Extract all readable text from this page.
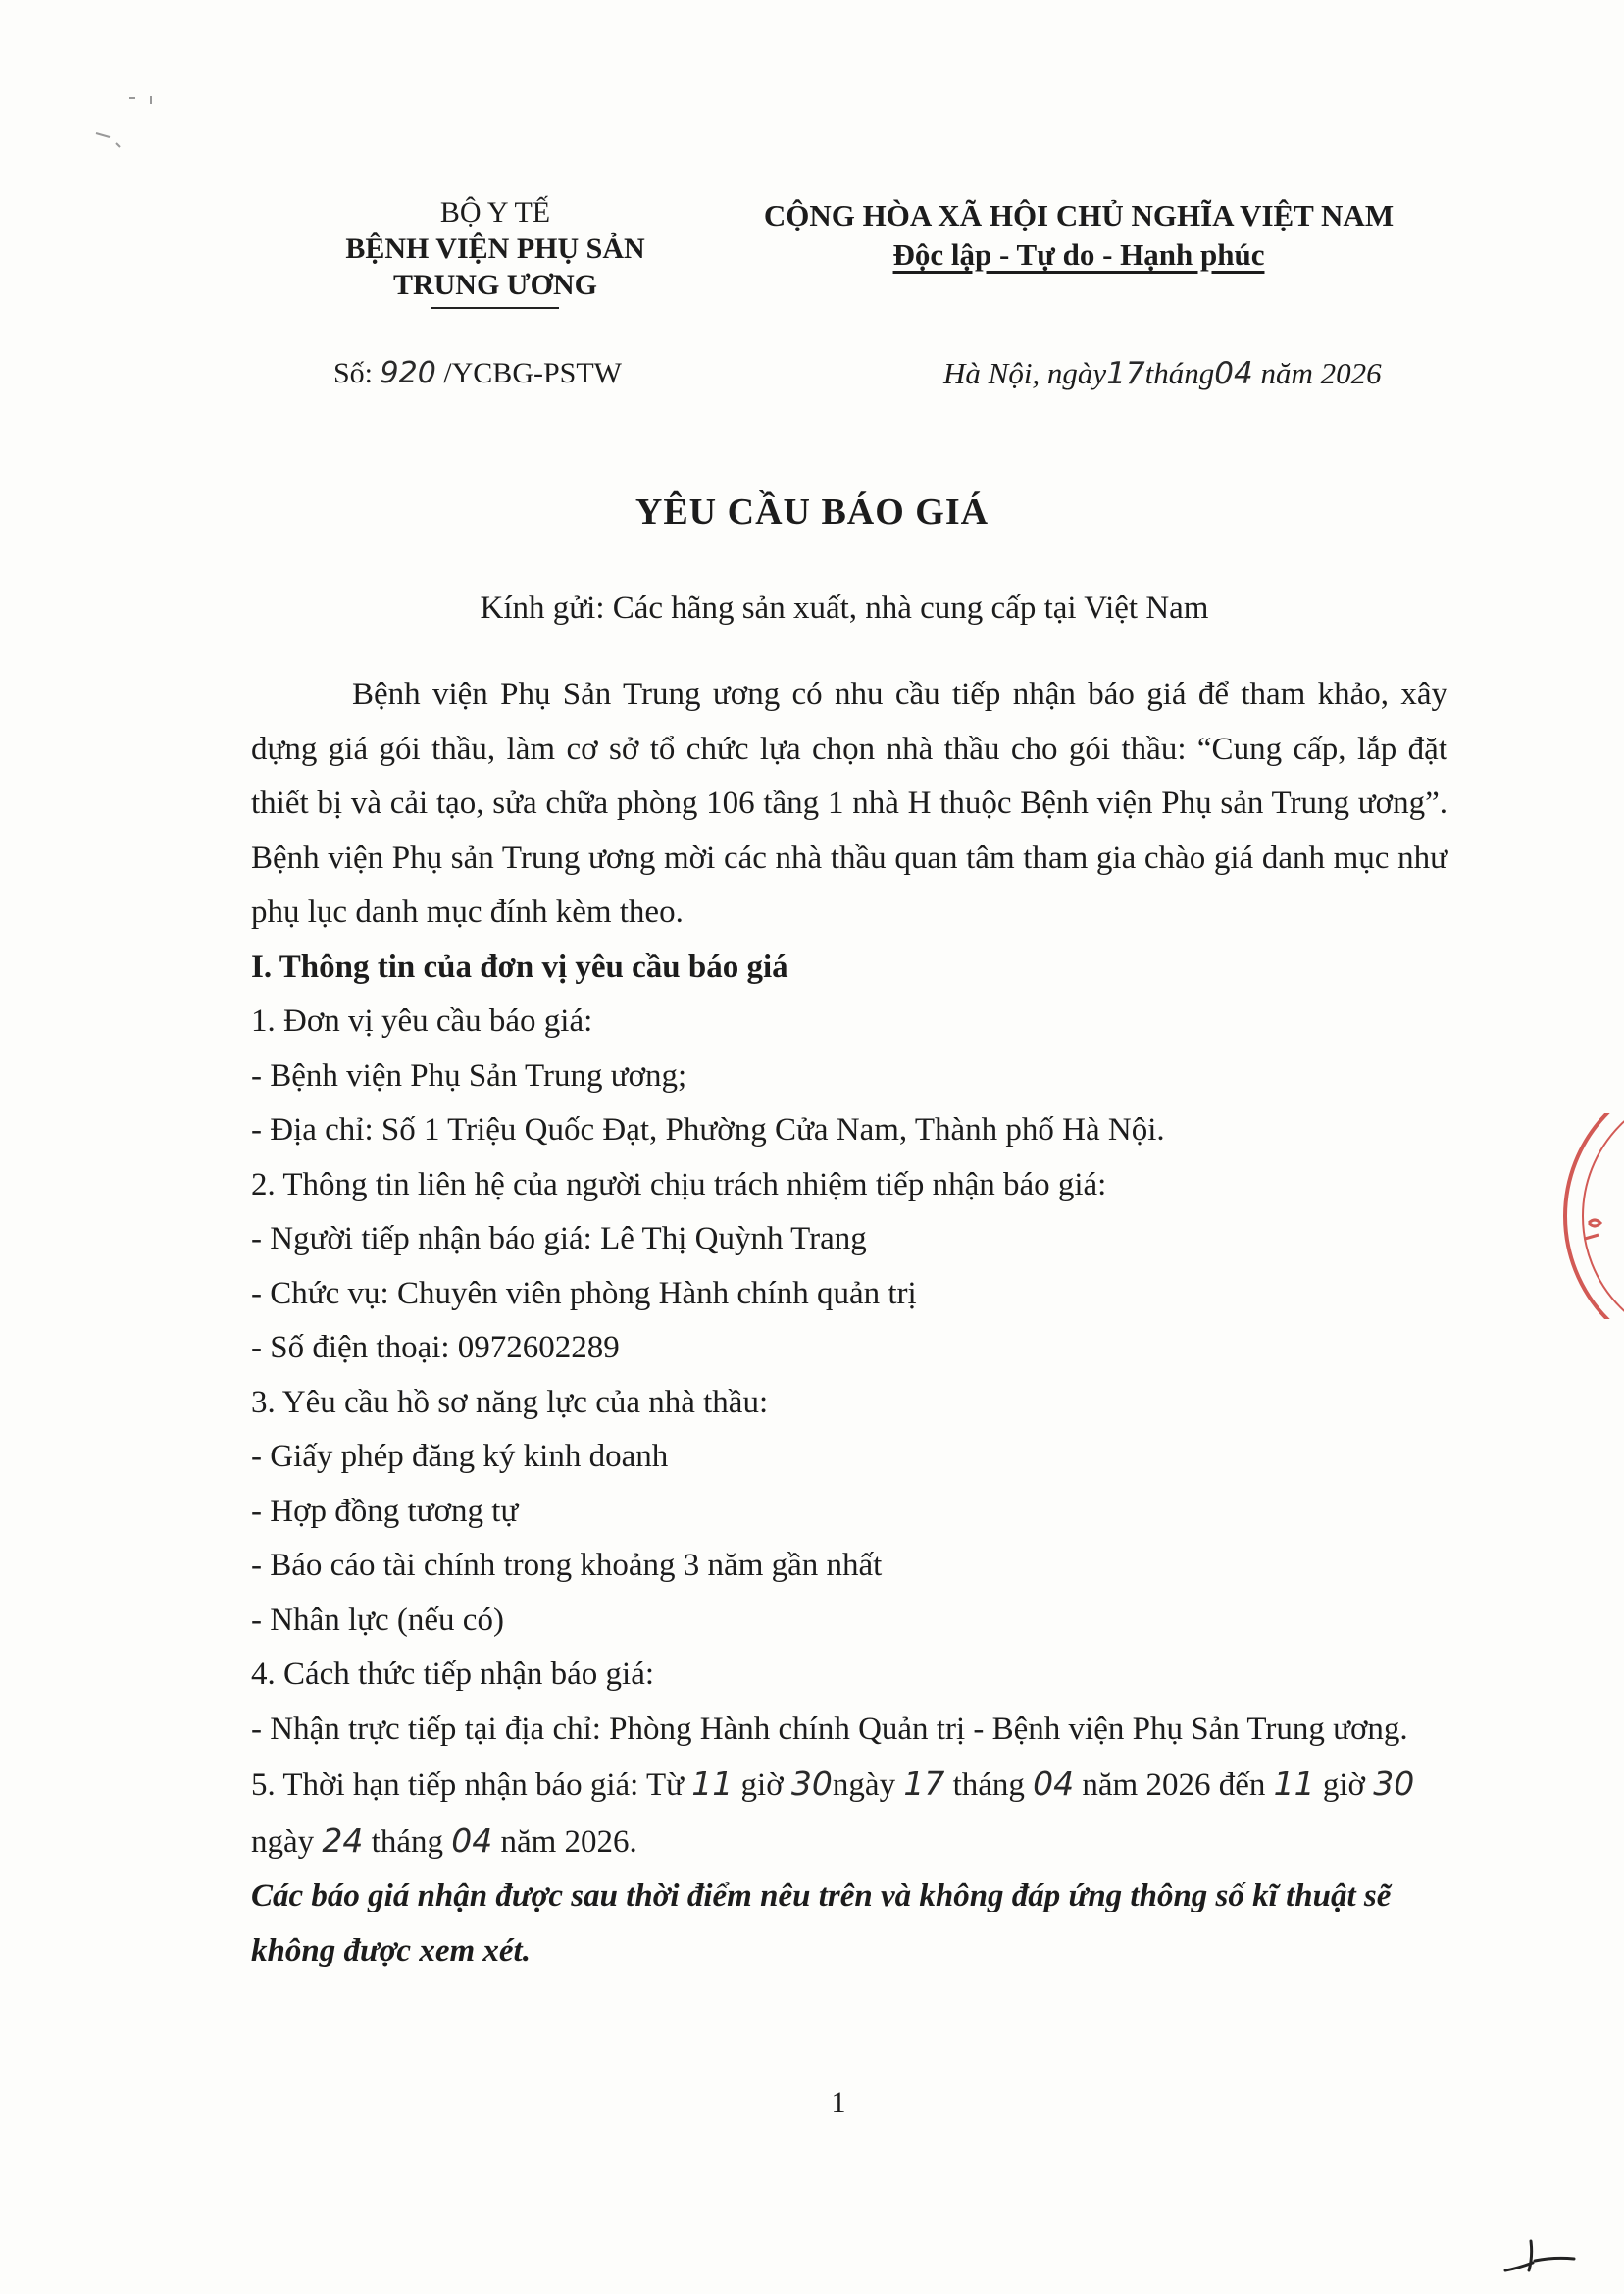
BỘ Y TẾ
BỆNH VIỆN PHỤ SẢN
TRUNG ƯƠNG
CỘNG HÒA XÃ HỘI CHỦ NGHĨA VIỆT NAM
Độc lập - Tự do - Hạnh phúc
Số: 920 /YCBG-PSTW	Hà Nội, ngày17tháng04 năm 2026
YÊU CẦU BÁO GIÁ
Kính gửi: Các hãng sản xuất, nhà cung cấp tại Việt Nam

Bệnh viện Phụ Sản Trung ương có nhu cầu tiếp nhận báo giá để tham khảo, xây dựng giá gói thầu, làm cơ sở tổ chức lựa chọn nhà thầu cho gói thầu: “Cung cấp, lắp đặt thiết bị và cải tạo, sửa chữa phòng 106 tầng 1 nhà H thuộc Bệnh viện Phụ sản Trung ương”. Bệnh viện Phụ sản Trung ương mời các nhà thầu quan tâm tham gia chào giá danh mục như phụ lục danh mục đính kèm theo.

I. Thông tin của đơn vị yêu cầu báo giá

1. Đơn vị yêu cầu báo giá:

- Bệnh viện Phụ Sản Trung ương;

- Địa chỉ: Số 1 Triệu Quốc Đạt, Phường Cửa Nam, Thành phố Hà Nội.

2. Thông tin liên hệ của người chịu trách nhiệm tiếp nhận báo giá:

- Người tiếp nhận báo giá: Lê Thị Quỳnh Trang

- Chức vụ: Chuyên viên phòng Hành chính quản trị

- Số điện thoại: 0972602289

3. Yêu cầu hồ sơ năng lực của nhà thầu:

- Giấy phép đăng ký kinh doanh

- Hợp đồng tương tự

- Báo cáo tài chính trong khoảng 3 năm gần nhất

- Nhân lực (nếu có)

4. Cách thức tiếp nhận báo giá:

- Nhận trực tiếp tại địa chỉ: Phòng Hành chính Quản trị - Bệnh viện Phụ Sản Trung ương.

5. Thời hạn tiếp nhận báo giá: Từ 11 giờ 30ngày 17 tháng 04 năm 2026 đến 11 giờ 30 ngày 24 tháng 04 năm 2026.

Các báo giá nhận được sau thời điểm nêu trên và không đáp ứng thông số kĩ thuật sẽ không được xem xét.

1
